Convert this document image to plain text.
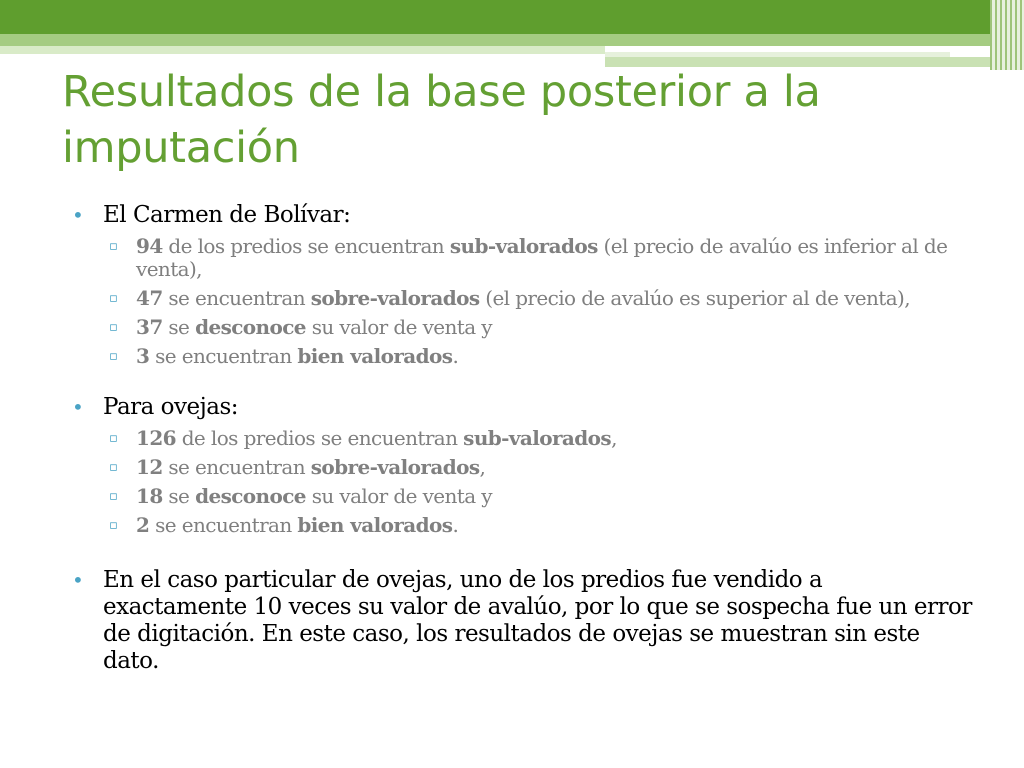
Resultados de la base posterior a la imputación
• El Carmen de Bolívar:
▫ 94 de los predios se encuentran sub-valorados (el precio de avalúo es inferior al de venta),
▫ 47 se encuentran sobre-valorados (el precio de avalúo es superior al de venta),
▫ 37 se desconoce su valor de venta y
▫ 3 se encuentran bien valorados.
• Para ovejas:
▫ 126 de los predios se encuentran sub-valorados,
▫ 12 se encuentran sobre-valorados,
▫ 18 se desconoce su valor de venta y
▫ 2 se encuentran bien valorados.
• En el caso particular de ovejas, uno de los predios fue vendido a exactamente 10 veces su valor de avalúo, por lo que se sospecha fue un error de digitación. En este caso, los resultados de ovejas se muestran sin este dato.
